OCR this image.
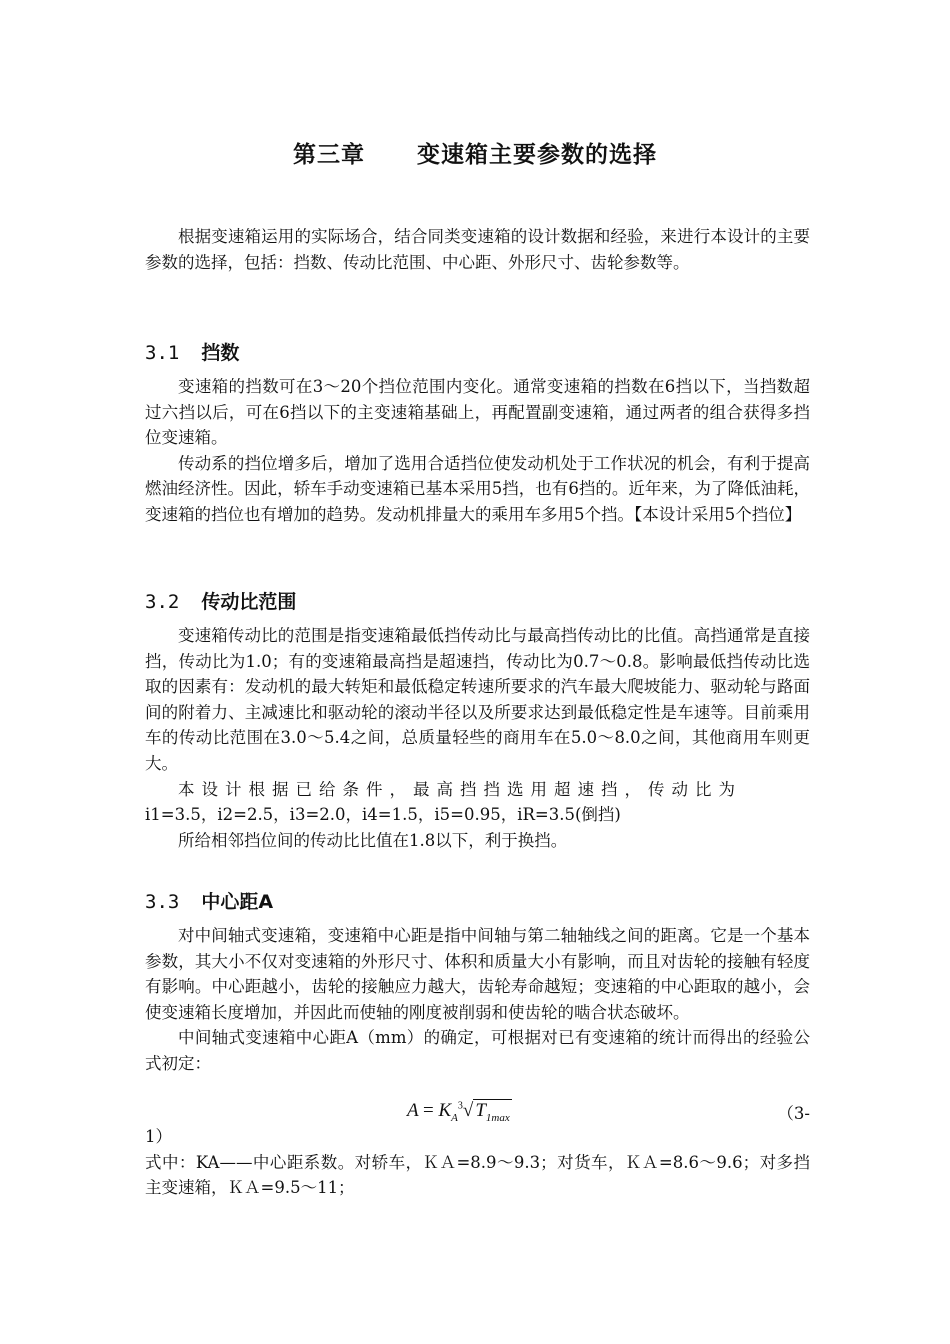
第三章 变速箱主要参数的选择

根据变速箱运用的实际场合，结合同类变速箱的设计数据和经验，来进行本设计的主要参数的选择，包括：挡数、传动比范围、中心距、外形尺寸、齿轮参数等。

3.1 挡数

变速箱的挡数可在3～20个挡位范围内变化。通常变速箱的挡数在6挡以下，当挡数超过六挡以后，可在6挡以下的主变速箱基础上，再配置副变速箱，通过两者的组合获得多挡位变速箱。

传动系的挡位增多后，增加了选用合适挡位使发动机处于工作状况的机会，有利于提高燃油经济性。因此，轿车手动变速箱已基本采用5挡，也有6挡的。近年来，为了降低油耗，变速箱的挡位也有增加的趋势。发动机排量大的乘用车多用5个挡。【本设计采用5个挡位】

3.2 传动比范围

变速箱传动比的范围是指变速箱最低挡传动比与最高挡传动比的比值。高挡通常是直接挡，传动比为1.0；有的变速箱最高挡是超速挡，传动比为0.7～0.8。影响最低挡传动比选取的因素有：发动机的最大转矩和最低稳定转速所要求的汽车最大爬坡能力、驱动轮与路面间的附着力、主减速比和驱动轮的滚动半径以及所要求达到最低稳定性是车速等。目前乘用车的传动比范围在3.0～5.4之间，总质量轻些的商用车在5.0～8.0之间，其他商用车则更大。

本设计根据已给条件，最高挡挡选用超速挡，传动比为

i1=3.5，i2=2.5，i3=2.0，i4=1.5，i5=0.95，iR=3.5(倒挡)

所给相邻挡位间的传动比比值在1.8以下，利于换挡。

3.3 中心距A

对中间轴式变速箱，变速箱中心距是指中间轴与第二轴轴线之间的距离。它是一个基本参数，其大小不仅对变速箱的外形尺寸、体积和质量大小有影响，而且对齿轮的接触有轻度有影响。中心距越小，齿轮的接触应力越大，齿轮寿命越短；变速箱的中心距取的越小，会使变速箱长度增加，并因此而使轴的刚度被削弱和使齿轮的啮合状态破坏。

中间轴式变速箱中心距A（mm）的确定，可根据对已有变速箱的统计而得出的经验公式初定：

$A = K_A^3√$ $T_{1max}$	（3-

1）

式中：KA——中心距系数。对轿车，ＫＡ=8.9～9.3；对货车，ＫＡ=8.6～9.6；对多挡主变速箱，ＫＡ=9.5～11；
